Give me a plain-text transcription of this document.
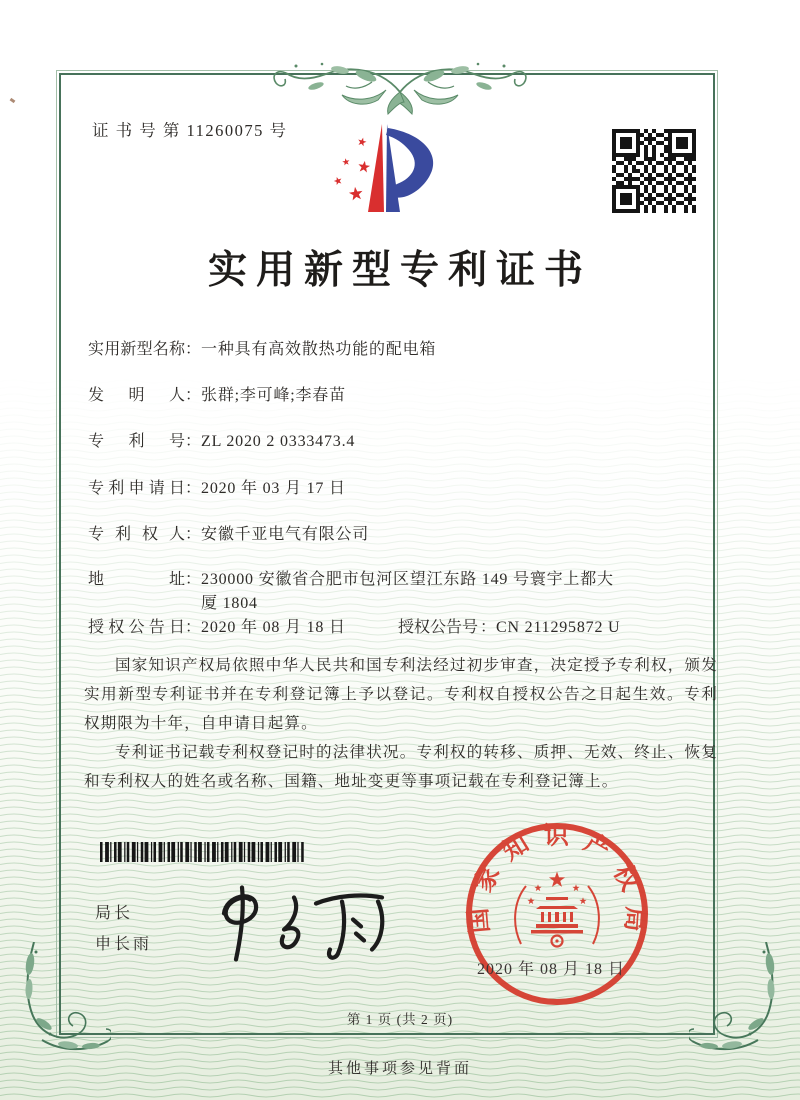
证 书 号 第 11260075 号
实用新型专利证书
实用新型名称：一种具有高效散热功能的配电箱
发明人：张群;李可峰;李春苗
专利号：ZL 2020 2 0333473.4
专利申请日：2020 年 03 月 17 日
专利权人：安徽千亚电气有限公司
地址：230000 安徽省合肥市包河区望江东路 149 号寰宇上都大厦 1804
授权公告日：2020 年 08 月 18 日	授权公告号 ：CN 211295872 U

国家知识产权局依照中华人民共和国专利法经过初步审查，决定授予专利权，颁发实用新型专利证书并在专利登记簿上予以登记。专利权自授权公告之日起生效。专利权期限为十年，自申请日起算。

专利证书记载专利权登记时的法律状况。专利权的转移、质押、无效、终止、恢复和专利权人的姓名或名称、国籍、地址变更等事项记载在专利登记簿上。

局长
申长雨
国家知识产权局
2020 年 08 月 18 日
第 1 页 (共 2 页)
其他事项参见背面
